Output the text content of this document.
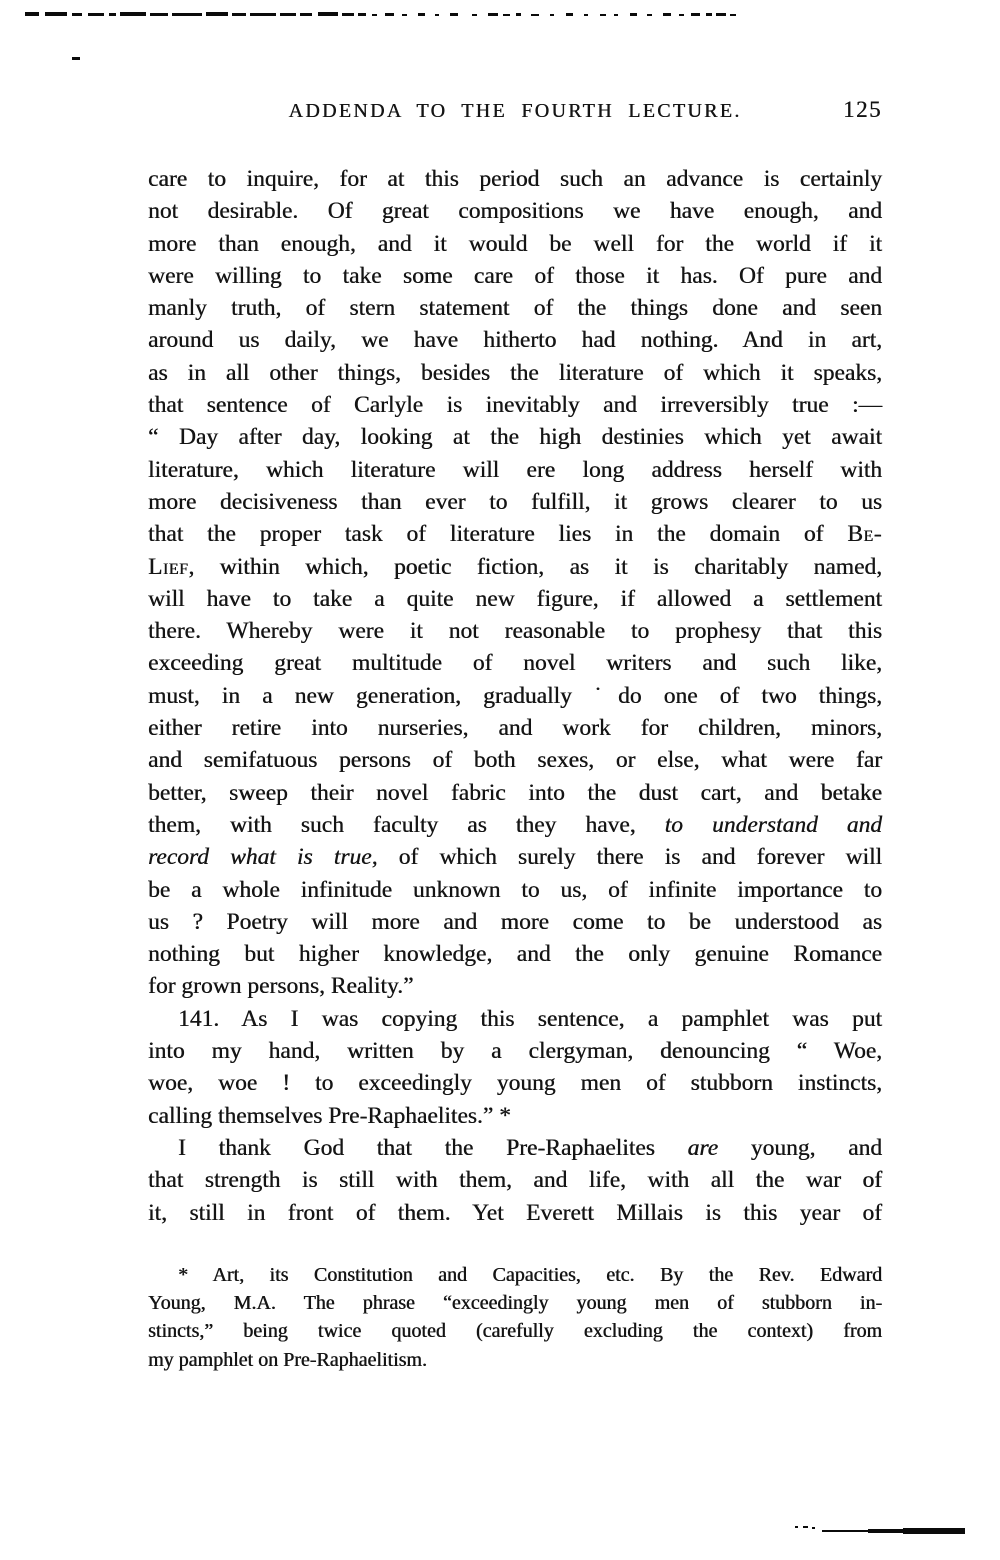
ADDENDA TO THE FOURTH LECTURE.	125
care to inquire, for at this period such an advance is certainly
not desirable. Of great compositions we have enough, and
more than enough, and it would be well for the world if it
were willing to take some care of those it has. Of pure and
manly truth, of stern statement of the things done and seen
around us daily, we have hitherto had nothing. And in art,
as in all other things, besides the literature of which it speaks,
that sentence of Carlyle is inevitably and irreversibly true :—
“ Day after day, looking at the high destinies which yet await
literature, which literature will ere long address herself with
more decisiveness than ever to fulfill, it grows clearer to us
that the proper task of literature lies in the domain of Be-
Lief, within which, poetic fiction, as it is charitably named,
will have to take a quite new figure, if allowed a settlement
there. Whereby were it not reasonable to prophesy that this
exceeding great multitude of novel writers and such like,
must, in a new generation, gradually ˙do one of two things,
either retire into nurseries, and work for children, minors,
and semifatuous persons of both sexes, or else, what were far
better, sweep their novel fabric into the dust cart, and betake
them, with such faculty as they have, to understand and
record what is true, of which surely there is and forever will
be a whole infinitude unknown to us, of infinite importance to
us ? Poetry will more and more come to be understood as
nothing but higher knowledge, and the only genuine Romance
for grown persons, Reality.”
141. As I was copying this sentence, a pamphlet was put
into my hand, written by a clergyman, denouncing “ Woe,
woe, woe ! to exceedingly young men of stubborn instincts,
calling themselves Pre-Raphaelites.” *
I thank God that the Pre-Raphaelites are young, and
that strength is still with them, and life, with all the war of
it, still in front of them. Yet Everett Millais is this year of
* Art, its Constitution and Capacities, etc. By the Rev. Edward
Young, M.A. The phrase “exceedingly young men of stubborn in-
stincts,” being twice quoted (carefully excluding the context) from
my pamphlet on Pre-Raphaelitism.
